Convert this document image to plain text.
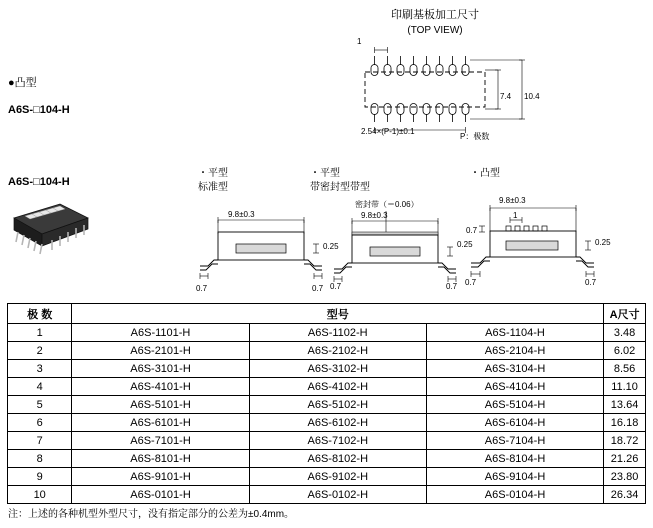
印刷基板加工尺寸
(TOP VIEW)
1
2.54×(P-1)±0.1
7.4 10.4
P：极数
●凸型
A6S-□104-H
A6S-□104-H
・平型
标准型
9.8±0.3
0.25
0.7	0.7
・平型
带密封型带型
密封带（＝0.06）
9.8±0.3
0.25
0.7	0.7
・凸型
9.8±0.3
1
0.7
0.25
0.7	0.7
极 数	型号			A尺寸
1	A6S-1101-H	A6S-1102-H	A6S-1104-H	3.48
2	A6S-2101-H	A6S-2102-H	A6S-2104-H	6.02
3	A6S-3101-H	A6S-3102-H	A6S-3104-H	8.56
4	A6S-4101-H	A6S-4102-H	A6S-4104-H	11.10
5	A6S-5101-H	A6S-5102-H	A6S-5104-H	13.64
6	A6S-6101-H	A6S-6102-H	A6S-6104-H	16.18
7	A6S-7101-H	A6S-7102-H	A6S-7104-H	18.72
8	A6S-8101-H	A6S-8102-H	A6S-8104-H	21.26
9	A6S-9101-H	A6S-9102-H	A6S-9104-H	23.80
10	A6S-0101-H	A6S-0102-H	A6S-0104-H	26.34
注：上述的各种机型外型尺寸，没有指定部分的公差为±0.4mm。
